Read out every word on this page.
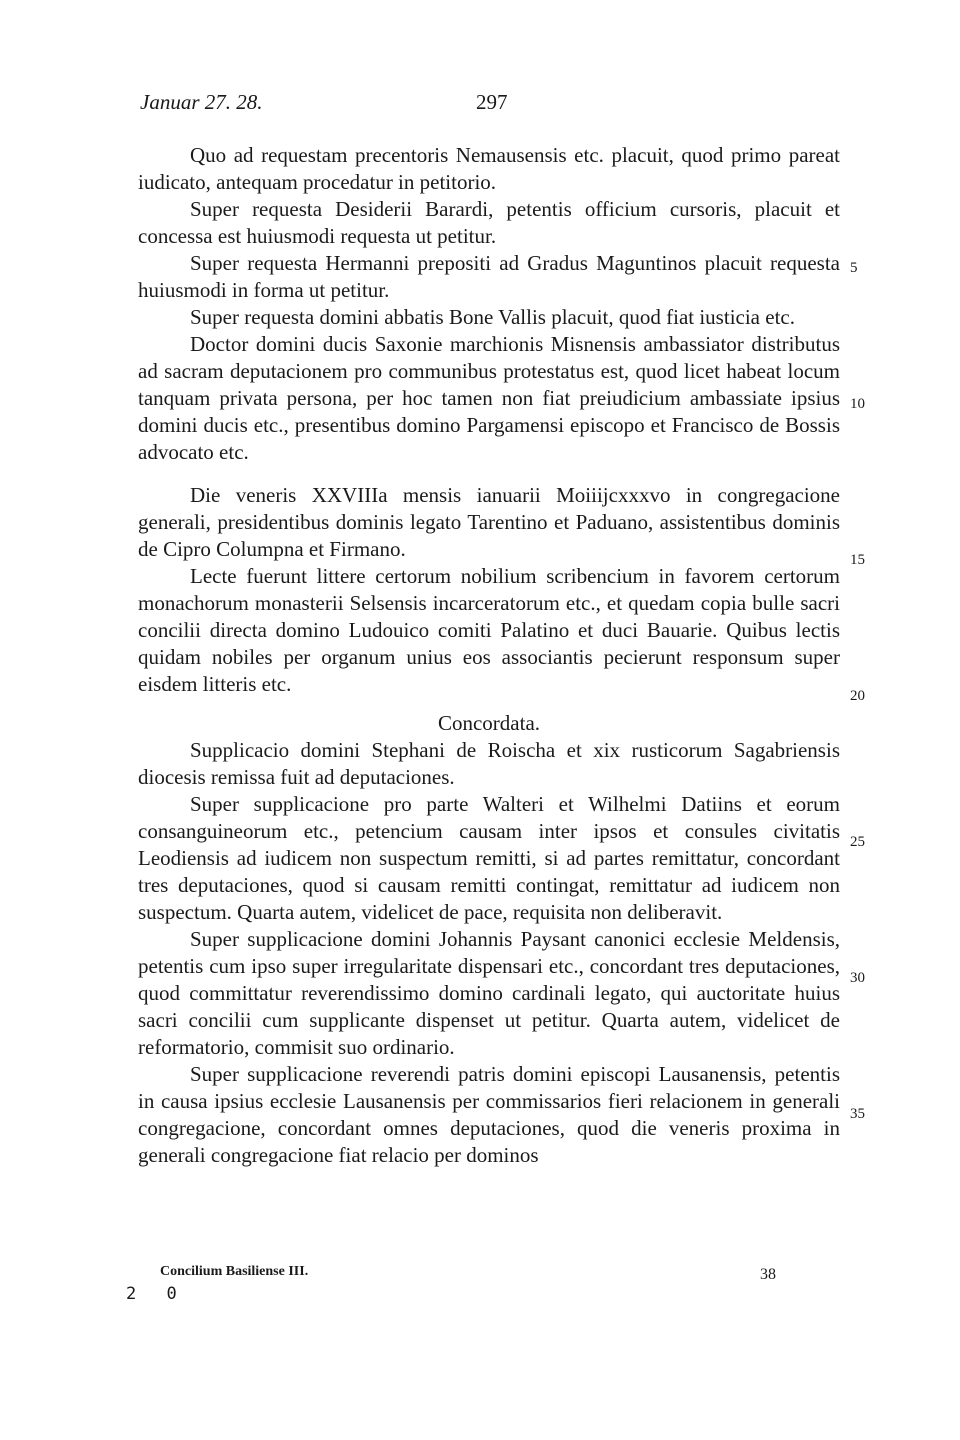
Januar 27. 28.	297

Quo ad requestam precentoris Nemausensis etc. placuit, quod primo pareat iudicato, antequam procedatur in petitorio.

Super requesta Desiderii Barardi, petentis officium cursoris, placuit et concessa est huiusmodi requesta ut petitur.

Super requesta Hermanni prepositi ad Gradus Maguntinos placuit requesta huiusmodi in forma ut petitur.

Super requesta domini abbatis Bone Vallis placuit, quod fiat iusticia etc.

Doctor domini ducis Saxonie marchionis Misnensis ambassiator distributus ad sacram deputacionem pro communibus protestatus est, quod licet habeat locum tanquam privata persona, per hoc tamen non fiat preiudicium ambassiate ipsius domini ducis etc., presentibus domino Pargamensi episcopo et Francisco de Bossis advocato etc.

Die veneris XXVIIIa mensis ianuarii Moiiijcxxxvo in congregacione generali, presidentibus dominis legato Tarentino et Paduano, assistentibus dominis de Cipro Columpna et Firmano.

Lecte fuerunt littere certorum nobilium scribencium in favorem certorum monachorum monasterii Selsensis incarceratorum etc., et quedam copia bulle sacri concilii directa domino Ludouico comiti Palatino et duci Bauarie. Quibus lectis quidam nobiles per organum unius eos associantis pecierunt responsum super eisdem litteris etc.

Concordata.

Supplicacio domini Stephani de Roischa et xix rusticorum Sagabriensis diocesis remissa fuit ad deputaciones.

Super supplicacione pro parte Walteri et Wilhelmi Datiins et eorum consanguineorum etc., petencium causam inter ipsos et consules civitatis Leodiensis ad iudicem non suspectum remitti, si ad partes remittatur, concordant tres deputaciones, quod si causam remitti contingat, remittatur ad iudicem non suspectum. Quarta autem, videlicet de pace, requisita non deliberavit.

Super supplicacione domini Johannis Paysant canonici ecclesie Meldensis, petentis cum ipso super irregularitate dispensari etc., concordant tres deputaciones, quod committatur reverendissimo domino cardinali legato, qui auctoritate huius sacri concilii cum supplicante dispenset ut petitur. Quarta autem, videlicet de reformatorio, commisit suo ordinario.

Super supplicacione reverendi patris domini episcopi Lausanensis, petentis in causa ipsius ecclesie Lausanensis per commissarios fieri relacionem in generali congregacione, concordant omnes deputaciones, quod die veneris proxima in generali congregacione fiat relacio per dominos

5
10
15
20
25
30
35
Concilium Basiliense III.	38
2 0
